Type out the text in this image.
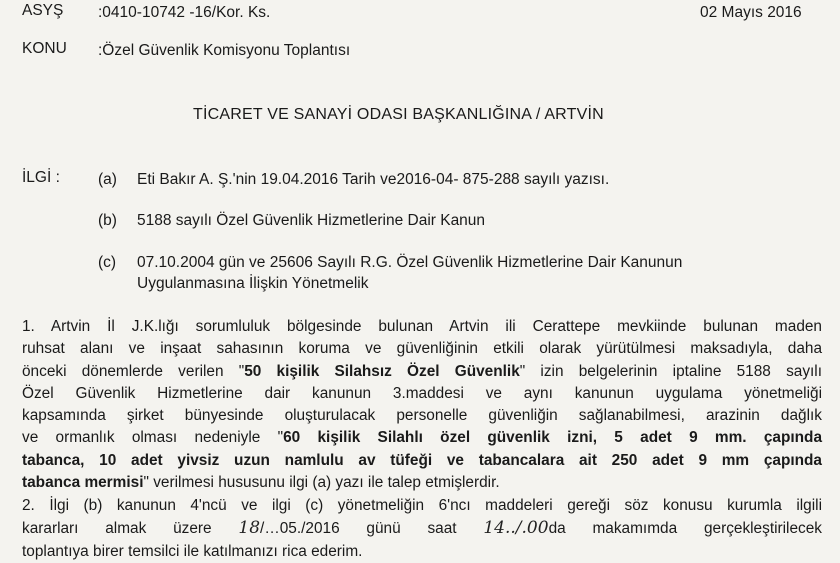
ASYŞ :0410-10742 -16/Kor. Ks.	02 Mayıs 2016
KONU :Özel Güvenlik Komisyonu Toplantısı
TİCARET VE SANAYİ ODASI BAŞKANLIĞINA / ARTVİN
İLGİ : (a) Eti Bakır A. Ş.'nin 19.04.2016 Tarih ve2016-04- 875-288 sayılı yazısı.
(b) 5188 sayılı Özel Güvenlik Hizmetlerine Dair Kanun
(c) 07.10.2004 gün ve 25606 Sayılı R.G. Özel Güvenlik Hizmetlerine Dair Kanunun
Uygulanmasına İlişkin Yönetmelik
1. Artvin İl J.K.lığı sorumluluk bölgesinde bulunan Artvin ili Cerattepe mevkiinde bulunan maden
ruhsat alanı ve inşaat sahasının koruma ve güvenliğinin etkili olarak yürütülmesi maksadıyla, daha
önceki dönemlerde verilen "50 kişilik Silahsız Özel Güvenlik" izin belgelerinin iptaline 5188 sayılı
Özel Güvenlik Hizmetlerine dair kanunun 3.maddesi ve aynı kanunun uygulama yönetmeliği
kapsamında şirket bünyesinde oluşturulacak personelle güvenliğin sağlanabilmesi, arazinin dağlık
ve ormanlık olması nedeniyle "60 kişilik Silahlı özel güvenlik izni, 5 adet 9 mm. çapında
tabanca, 10 adet yivsiz uzun namlulu av tüfeği ve tabancalara ait 250 adet 9 mm çapında
tabanca mermisi" verilmesi hususunu ilgi (a) yazı ile talep etmişlerdir.
2. İlgi (b) kanunun 4'ncü ve ilgi (c) yönetmeliğin 6'ncı maddeleri gereği söz konusu kurumla ilgili
kararları almak üzere 18/…05./2016 günü saat 14../.00da makamımda gerçekleştirilecek
toplantıya birer temsilci ile katılmanızı rica ederim.
